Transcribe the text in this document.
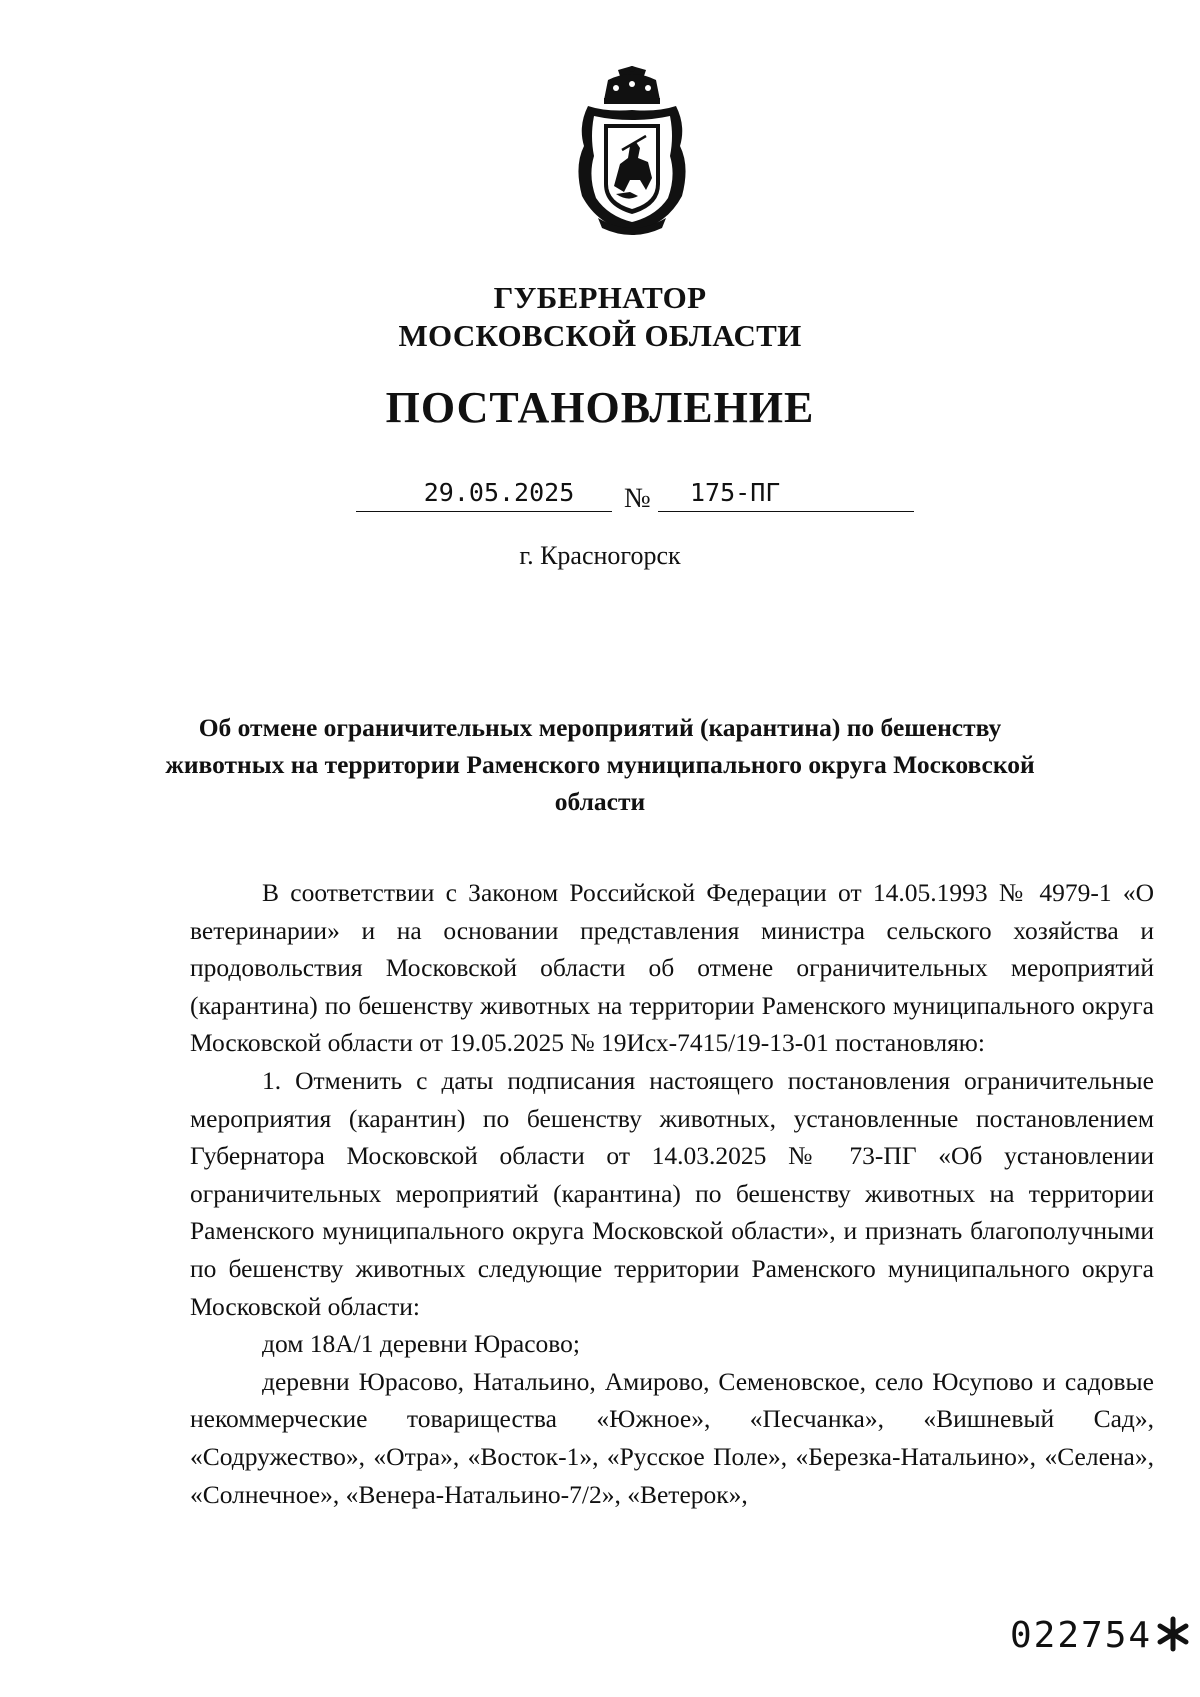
ГУБЕРНАТОР
МОСКОВСКОЙ ОБЛАСТИ
ПОСТАНОВЛЕНИЕ
29.05.2025	№	175-ПГ
г. Красногорск
Об отмене ограничительных мероприятий (карантина) по бешенству животных на территории Раменского муниципального округа Московской области

В соответствии с Законом Российской Федерации от 14.05.1993 № 4979-1 «О ветеринарии» и на основании представления министра сельского хозяйства и продовольствия Московской области об отмене ограничительных мероприятий (карантина) по бешенству животных на территории Раменского муниципального округа Московской области от 19.05.2025 № 19Исх-7415/19-13-01 постановляю:

1. Отменить с даты подписания настоящего постановления ограничительные мероприятия (карантин) по бешенству животных, установленные постановлением Губернатора Московской области от 14.03.2025 № 73-ПГ «Об установлении ограничительных мероприятий (карантина) по бешенству животных на территории Раменского муниципального округа Московской области», и признать благополучными по бешенству животных следующие территории Раменского муниципального округа Московской области:

дом 18А/1 деревни Юрасово;

деревни Юрасово, Натальино, Амирово, Семеновское, село Юсупово и садовые некоммерческие товарищества «Южное», «Песчанка», «Вишневый Сад», «Содружество», «Отра», «Восток-1», «Русское Поле», «Березка-Натальино», «Селена», «Солнечное», «Венера-Натальино-7/2», «Ветерок»,

022754
